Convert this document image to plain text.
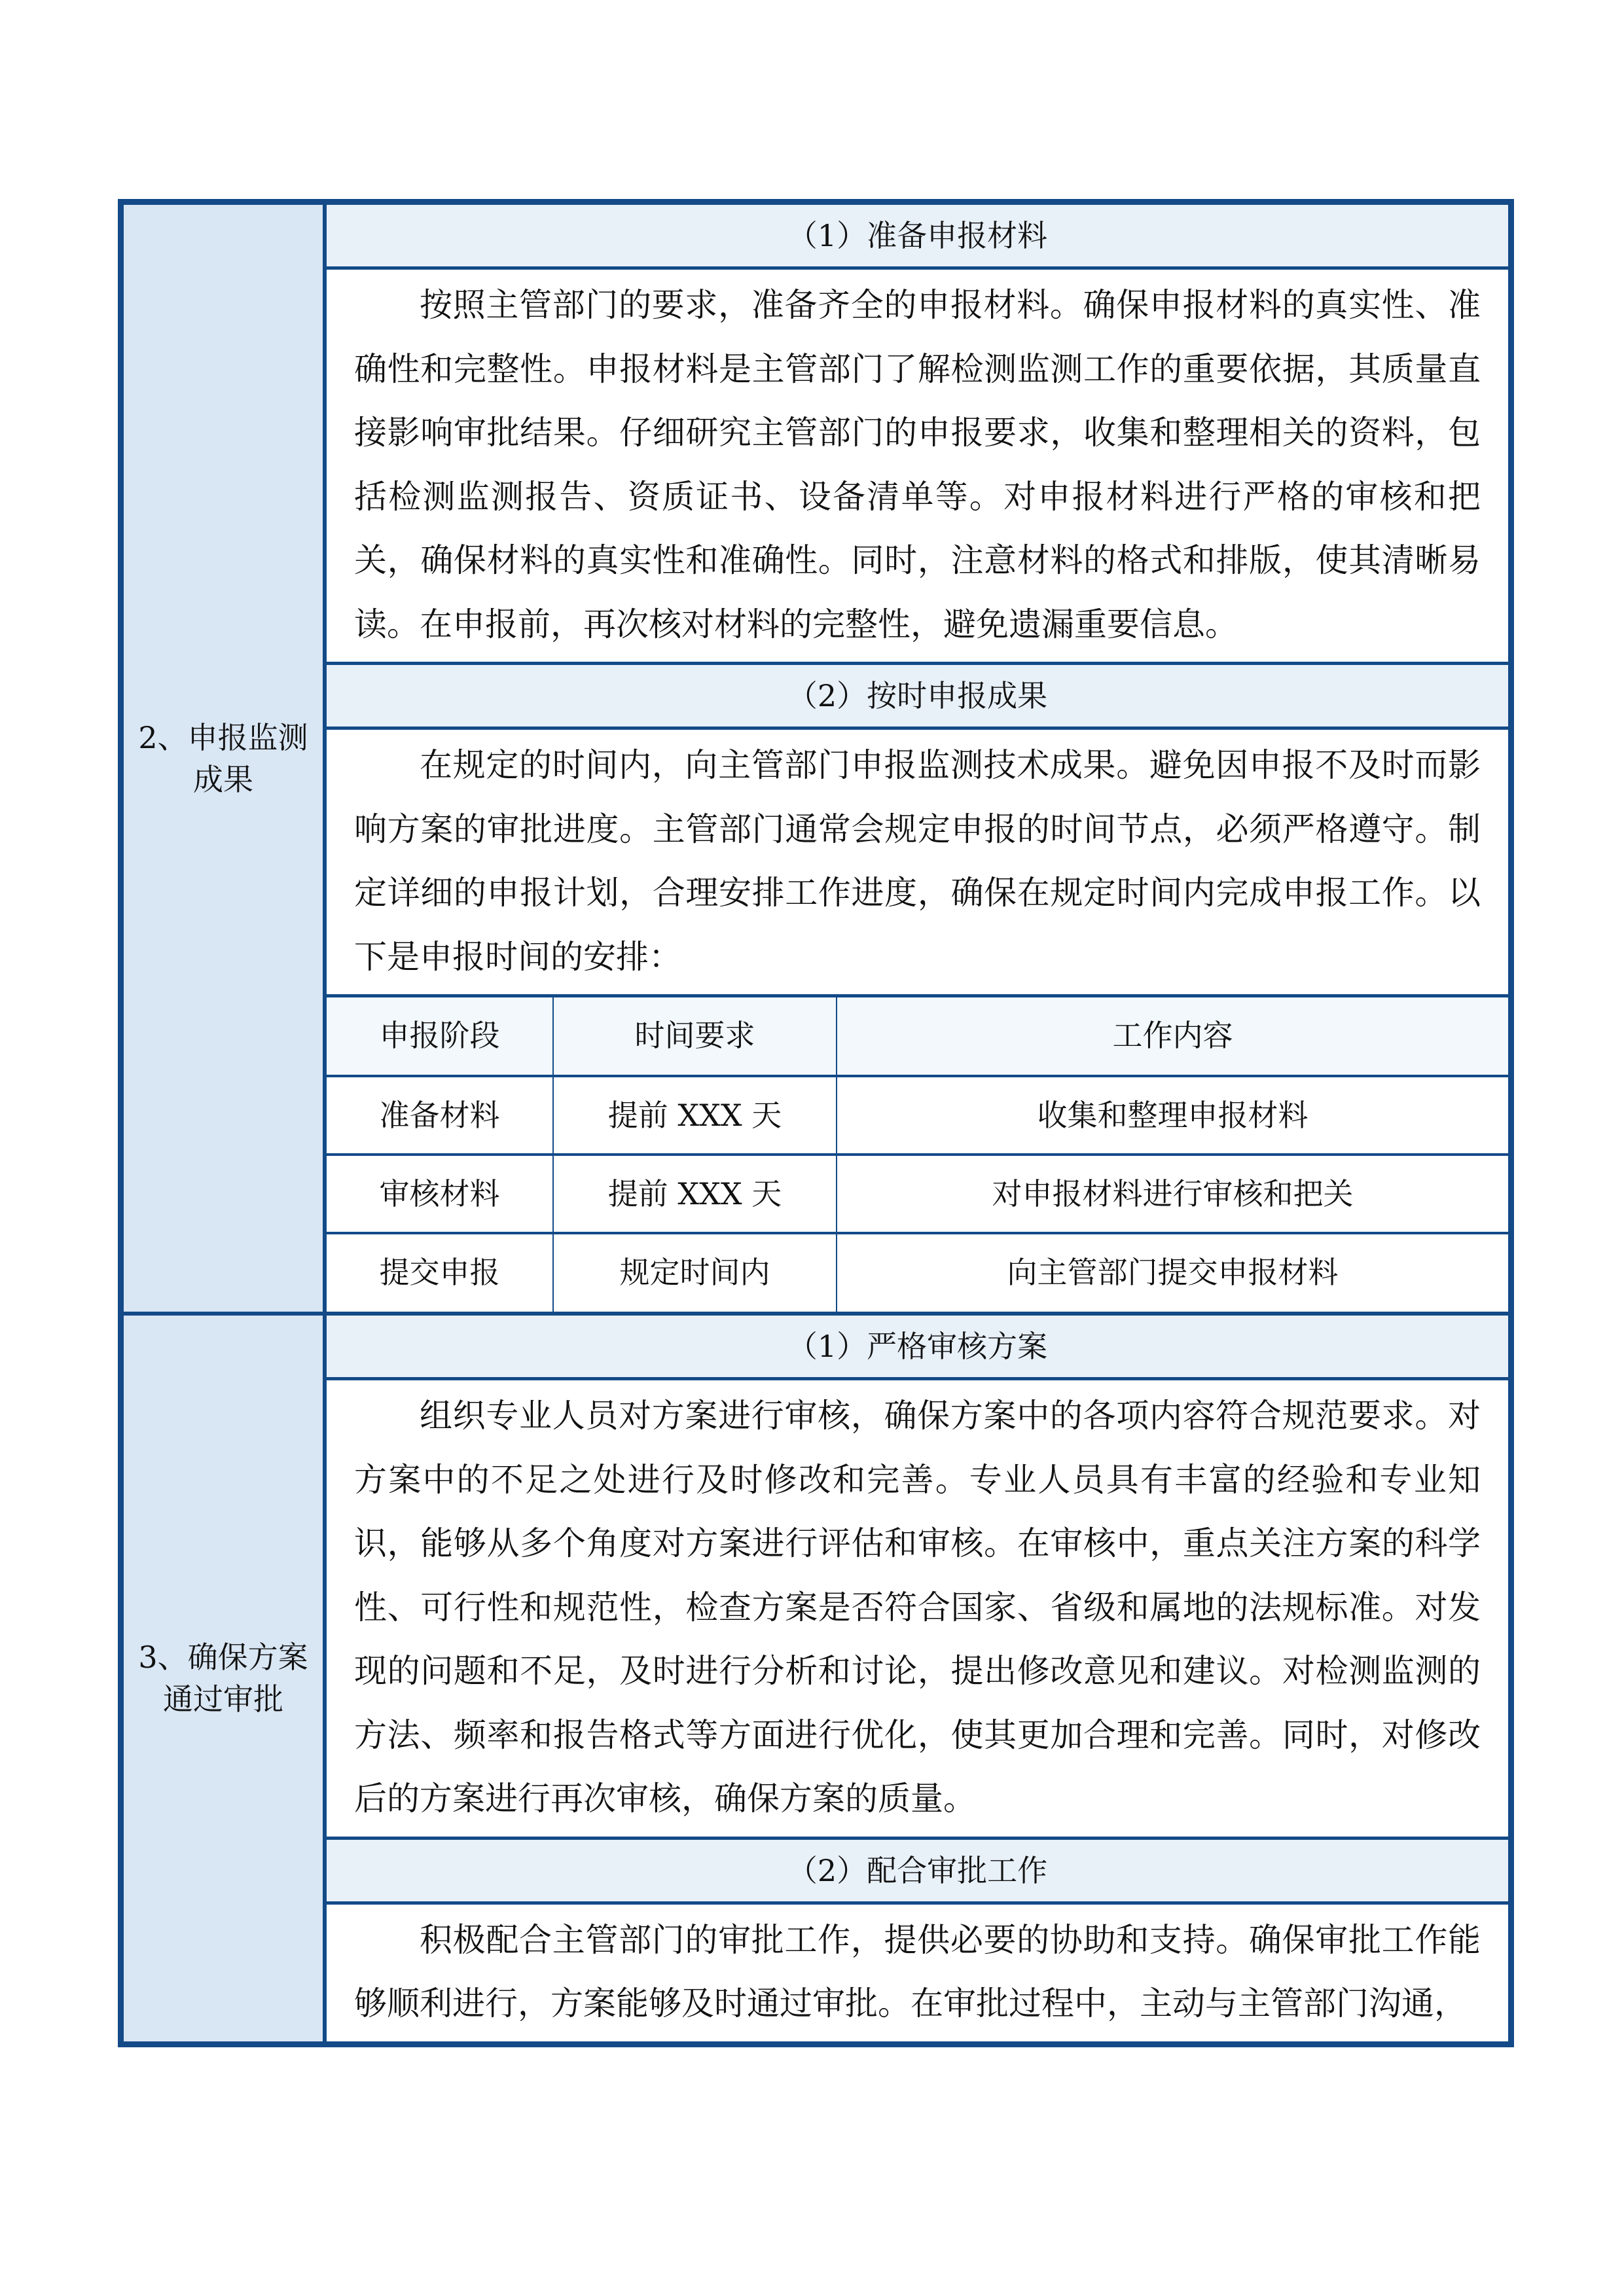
2、申报监测成果
（1）准备申报材料
按照主管部门的要求，准备齐全的申报材料。确保申报材料的真实性、准确性和完整性。申报材料是主管部门了解检测监测工作的重要依据，其质量直接影响审批结果。仔细研究主管部门的申报要求，收集和整理相关的资料，包括检测监测报告、资质证书、设备清单等。对申报材料进行严格的审核和把关，确保材料的真实性和准确性。同时，注意材料的格式和排版，使其清晰易读。在申报前，再次核对材料的完整性，避免遗漏重要信息。
（2）按时申报成果
在规定的时间内，向主管部门申报监测技术成果。避免因申报不及时而影响方案的审批进度。主管部门通常会规定申报的时间节点，必须严格遵守。制定详细的申报计划，合理安排工作进度，确保在规定时间内完成申报工作。以下是申报时间的安排：
申报阶段	时间要求	工作内容
准备材料	提前 XXX 天	收集和整理申报材料
审核材料	提前 XXX 天	对申报材料进行审核和把关
提交申报	规定时间内	向主管部门提交申报材料
3、确保方案通过审批
（1）严格审核方案
组织专业人员对方案进行审核，确保方案中的各项内容符合规范要求。对方案中的不足之处进行及时修改和完善。专业人员具有丰富的经验和专业知识，能够从多个角度对方案进行评估和审核。在审核中，重点关注方案的科学性、可行性和规范性，检查方案是否符合国家、省级和属地的法规标准。对发现的问题和不足，及时进行分析和讨论，提出修改意见和建议。对检测监测的方法、频率和报告格式等方面进行优化，使其更加合理和完善。同时，对修改后的方案进行再次审核，确保方案的质量。
（2）配合审批工作
积极配合主管部门的审批工作，提供必要的协助和支持。确保审批工作能够顺利进行，方案能够及时通过审批。在审批过程中，主动与主管部门沟通，
